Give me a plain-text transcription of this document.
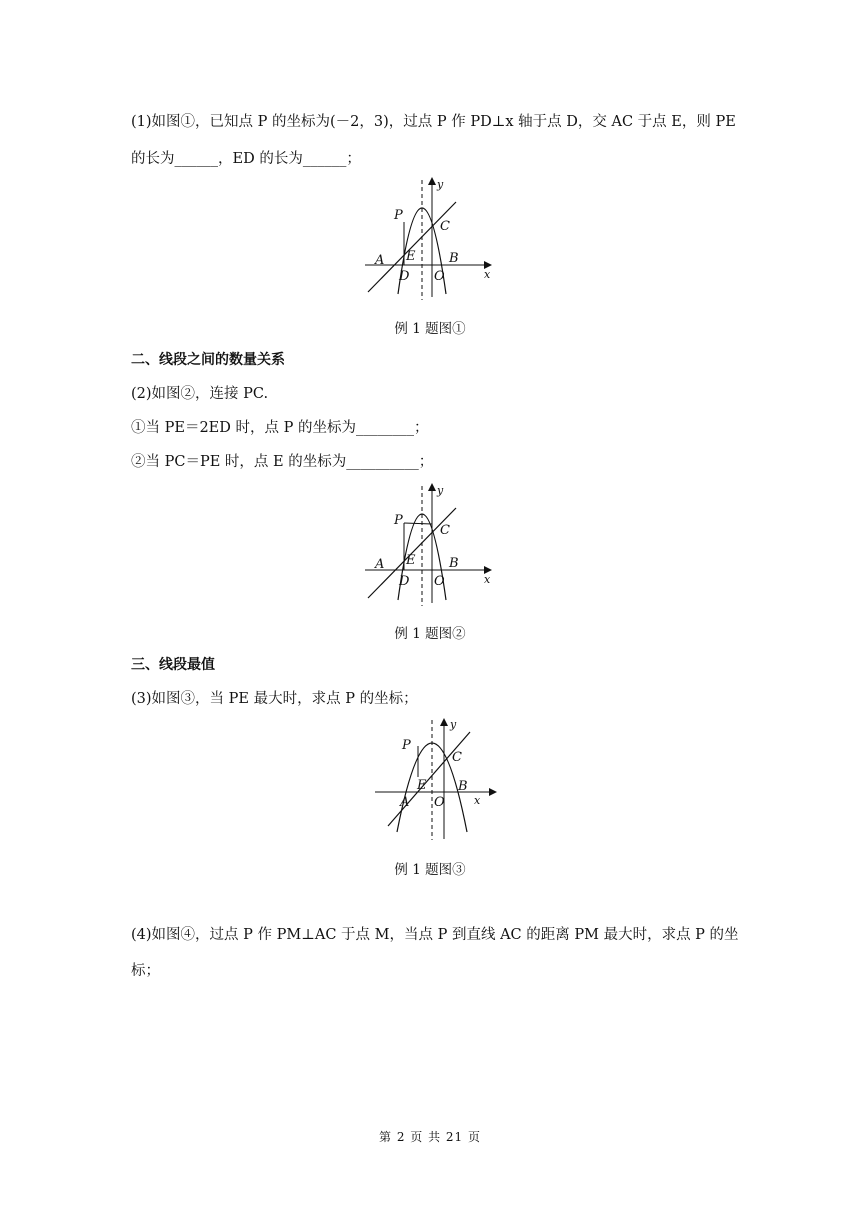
(1)如图①，已知点 P 的坐标为(－2，3)，过点 P 作 PD⊥x 轴于点 D，交 AC 于点 E，则 PE
的长为______，ED 的长为______；
P
C
A E
D O
B
x
y
例 1 题图①
二、线段之间的数量关系
(2)如图②，连接 PC.
①当 PE＝2ED 时，点 P 的坐标为________；
②当 PC＝PE 时，点 E 的坐标为__________；
P
C
A E
D O
B
x
y
例 1 题图②
三、线段最值
(3)如图③，当 PE 最大时，求点 P 的坐标；
P
C
A
E
O
B
x
y
例 1 题图③
(4)如图④，过点 P 作 PM⊥AC 于点 M，当点 P 到直线 AC 的距离 PM 最大时，求点 P 的坐
标；
第 2 页 共 21 页
